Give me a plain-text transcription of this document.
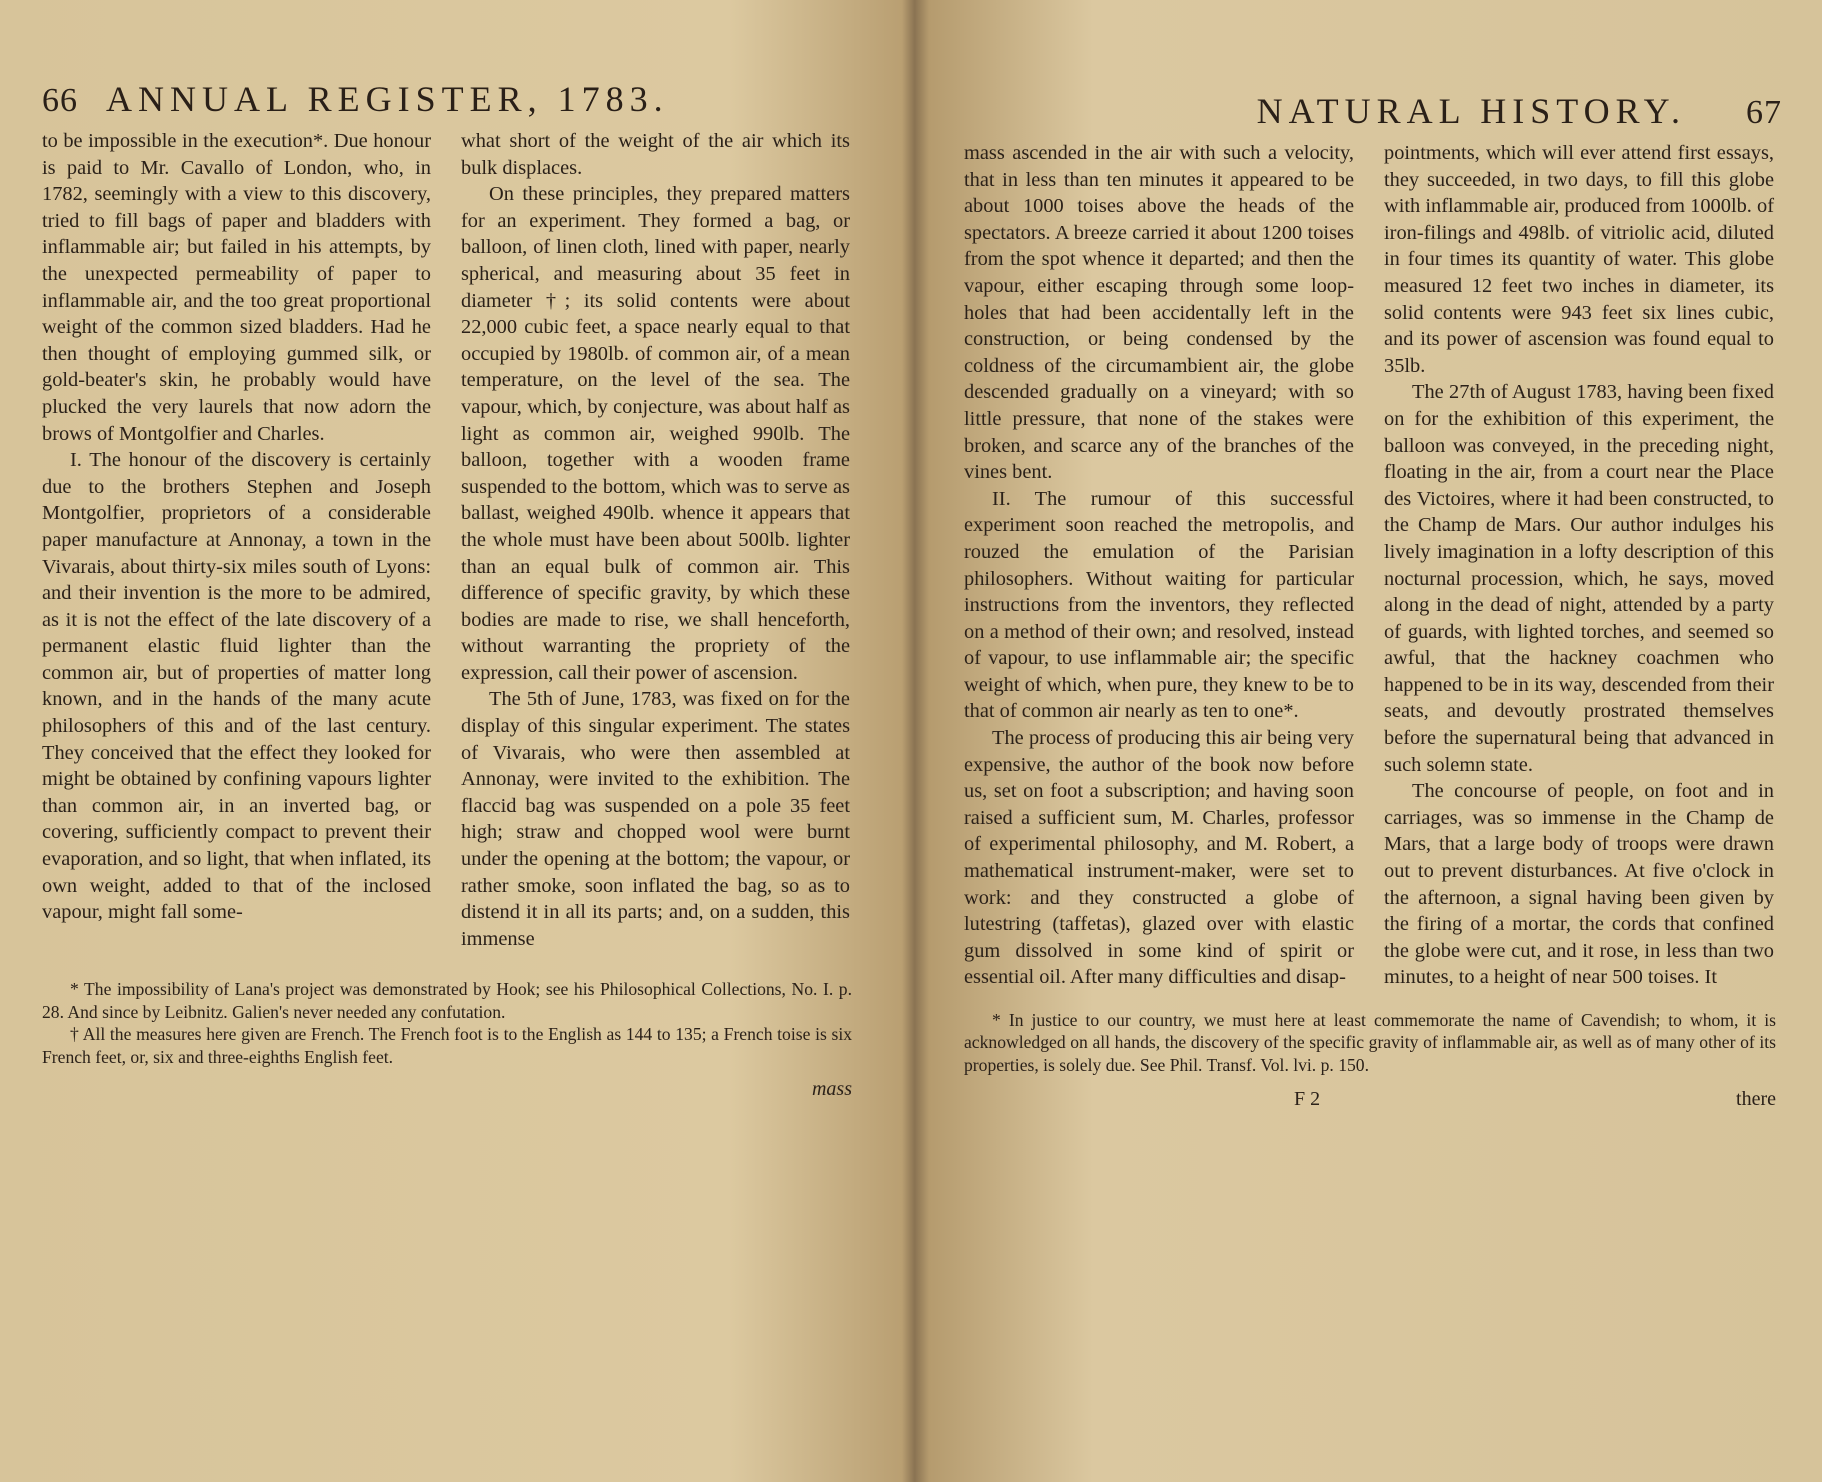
66 ANNUAL REGISTER, 1783.

to be impossible in the execution*. Due honour is paid to Mr. Cavallo of London, who, in 1782, seemingly with a view to this discovery, tried to fill bags of paper and bladders with inflammable air; but failed in his attempts, by the unexpected permeability of paper to inflammable air, and the too great proportional weight of the common sized bladders. Had he then thought of employing gummed silk, or gold-beater's skin, he probably would have plucked the very laurels that now adorn the brows of Montgolfier and Charles.

I. The honour of the discovery is certainly due to the brothers Stephen and Joseph Montgolfier, proprietors of a considerable paper manufacture at Annonay, a town in the Vivarais, about thirty-six miles south of Lyons: and their invention is the more to be admired, as it is not the effect of the late discovery of a permanent elastic fluid lighter than the common air, but of properties of matter long known, and in the hands of the many acute philosophers of this and of the last century. They conceived that the effect they looked for might be obtained by confining vapours lighter than common air, in an inverted bag, or covering, sufficiently compact to prevent their evaporation, and so light, that when inflated, its own weight, added to that of the inclosed vapour, might fall some-

what short of the weight of the air which its bulk displaces.

On these principles, they prepared matters for an experiment. They formed a bag, or balloon, of linen cloth, lined with paper, nearly spherical, and measuring about 35 feet in diameter †; its solid contents were about 22,000 cubic feet, a space nearly equal to that occupied by 1980lb. of common air, of a mean temperature, on the level of the sea. The vapour, which, by conjecture, was about half as light as common air, weighed 990lb. The balloon, together with a wooden frame suspended to the bottom, which was to serve as ballast, weighed 490lb. whence it appears that the whole must have been about 500lb. lighter than an equal bulk of common air. This difference of specific gravity, by which these bodies are made to rise, we shall henceforth, without warranting the propriety of the expression, call their power of ascension.

The 5th of June, 1783, was fixed on for the display of this singular experiment. The states of Vivarais, who were then assembled at Annonay, were invited to the exhibition. The flaccid bag was suspended on a pole 35 feet high; straw and chopped wool were burnt under the opening at the bottom; the vapour, or rather smoke, soon inflated the bag, so as to distend it in all its parts; and, on a sudden, this immense

* The impossibility of Lana's project was demonstrated by Hook; see his Philosophical Collections, No. I. p. 28. And since by Leibnitz. Galien's never needed any confutation.

† All the measures here given are French. The French foot is to the English as 144 to 135; a French toise is six French feet, or, six and three-eighths English feet.

mass
NATURAL HISTORY. 67

mass ascended in the air with such a velocity, that in less than ten minutes it appeared to be about 1000 toises above the heads of the spectators. A breeze carried it about 1200 toises from the spot whence it departed; and then the vapour, either escaping through some loop-holes that had been accidentally left in the construction, or being condensed by the coldness of the circumambient air, the globe descended gradually on a vineyard; with so little pressure, that none of the stakes were broken, and scarce any of the branches of the vines bent.

II. The rumour of this successful experiment soon reached the metropolis, and rouzed the emulation of the Parisian philosophers. Without waiting for particular instructions from the inventors, they reflected on a method of their own; and resolved, instead of vapour, to use inflammable air; the specific weight of which, when pure, they knew to be to that of common air nearly as ten to one*.

The process of producing this air being very expensive, the author of the book now before us, set on foot a subscription; and having soon raised a sufficient sum, M. Charles, professor of experimental philosophy, and M. Robert, a mathematical instrument-maker, were set to work: and they constructed a globe of lutestring (taffetas), glazed over with elastic gum dissolved in some kind of spirit or essential oil. After many difficulties and disap-

pointments, which will ever attend first essays, they succeeded, in two days, to fill this globe with inflammable air, produced from 1000lb. of iron-filings and 498lb. of vitriolic acid, diluted in four times its quantity of water. This globe measured 12 feet two inches in diameter, its solid contents were 943 feet six lines cubic, and its power of ascension was found equal to 35lb.

The 27th of August 1783, having been fixed on for the exhibition of this experiment, the balloon was conveyed, in the preceding night, floating in the air, from a court near the Place des Victoires, where it had been constructed, to the Champ de Mars. Our author indulges his lively imagination in a lofty description of this nocturnal procession, which, he says, moved along in the dead of night, attended by a party of guards, with lighted torches, and seemed so awful, that the hackney coachmen who happened to be in its way, descended from their seats, and devoutly prostrated themselves before the supernatural being that advanced in such solemn state.

The concourse of people, on foot and in carriages, was so immense in the Champ de Mars, that a large body of troops were drawn out to prevent disturbances. At five o'clock in the afternoon, a signal having been given by the firing of a mortar, the cords that confined the globe were cut, and it rose, in less than two minutes, to a height of near 500 toises. It

* In justice to our country, we must here at least commemorate the name of Cavendish; to whom, it is acknowledged on all hands, the discovery of the specific gravity of inflammable air, as well as of many other of its properties, is solely due. See Phil. Transf. Vol. lvi. p. 150.

F 2	there
